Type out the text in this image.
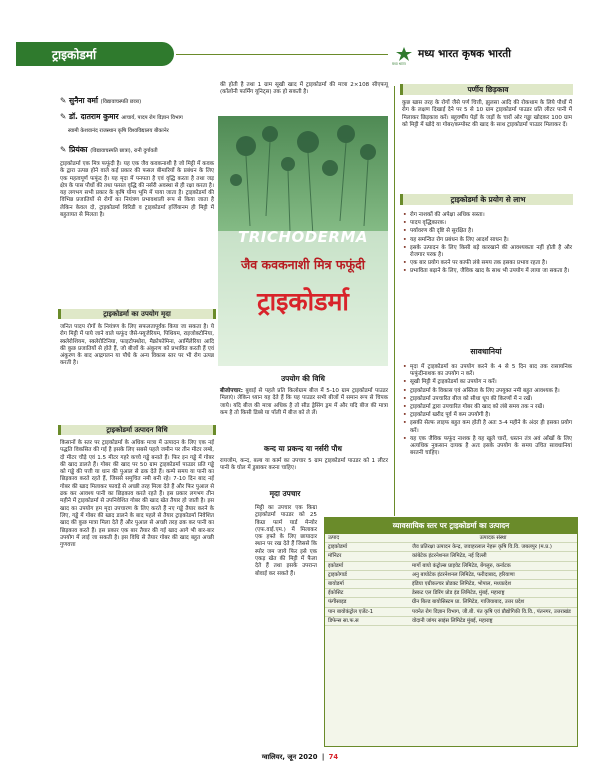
ट्राइकोडर्मा
मध्य भारत
मध्य भारत कृषक भारती
✎ सुनैना वर्मा (विद्यावाचस्पति छात्रा)
✎ डॉ. दातराम कुमार आचार्य, पादप रोग विज्ञान विभाग
स्वामी केशवानंद राजस्थान कृषि विश्वविद्यालय बीकानेर
✎ प्रियंका (विद्यावाचस्पति छात्रा), रानी दुर्गावती

ट्राइकोडर्मा एक मित्र फफूंदी है। यह एक जैव कवकनाशी है जो मिट्टी में कवक के द्वारा उत्पन्न होने वाले कई प्रकार की फसल बीमारियों के प्रबंधन के लिए एक महत्वपूर्ण फफूंद है। यह मृदा में पनपता है एवं वृद्धि करता है तथा जड़ क्षेत्र के पास पौधों की तथा फसल वृद्धि की नर्सरी अवस्था से ही रक्षा करता है। यह लगभग सभी प्रकार के कृषि योग्य भूमि में पाया जाता है। ट्राइकोडर्मा की विभिन्न प्रजातियों से रोगों का नियंत्रण प्रभावशाली रूप से किया जाता है लेकिन केवल दो, ट्राइकोडर्मा विरिडी व ट्राइकोडर्मा हर्जियानम ही मिट्टी में बहुतायत से मिलता है।

ट्राइकोडर्मा का उपयोग मृदा

जनित पादप रोगों के नियंत्रण के लिए सफलतापूर्वक किया जा सकता है। ये रोग मिट्टी में पाये जाने वाले फफूंद जैसे-फ्यूजेरियम, पिथियम, राइजोक्टोनिया, स्क्लेरोशियम, स्क्लेरोटिनिया, फाइटोफ्थोरा, मैक्रोफोमिना, आर्मिलेरिया आदि की कुछ प्रजातियों से होते हैं, जो बीजों के अंकुरण को प्रभावित करती हैं एवं अंकुरण के बाद आद्रगलन या पौधे के अन्य विकास स्तर पर भी रोग उत्पन्न करती है।

ट्राइकोडर्मा उत्पादन विधि

किसानों के स्तर पर ट्राइकोडर्मा के अधिक मात्रा में उत्पादन के लिए एक नई पद्धति विकसित की गई है इसके लिए सबसे पहले जमीन पर तीन मीटर लम्बे, दो मीटर चौड़े एवं 1.5 मीटर गहरे कच्चे गड्ढे बनाते हैं। फिर इन गड्ढे में गोबर की खाद डालते हैं। गोबर की खाद पर 50 ग्राम ट्राइकोडर्मा पाउडर प्रति गड्ढे को गड्ढे की पत्ती या धान की पुआल से ढक देते हैं। कम्पे समय या पानी का छिड़काव करते रहते हैं, जिससे समुचित नमी बनी रहे। 7-10 दिन बाद नई गोबर की खाद मिलाकर फावड़े से अच्छी तरह मिला देते हैं और फिर पुआल से ढक कर आवश्य पानी का छिड़काव करते रहते हैं। इस प्रकार लगभग तीन महीने में ट्राइकोडर्मा से उपनिवेशित गोबर की खाद खेत तैयार हो जाती है। इस खाद का उपयोग हम मृदा उपचारण के लिए करते हैं नए गड्ढे तैयार करने के लिए, गड्ढे में गोबर की खाद डालने के बाद पहले से तैयार ट्राइकोडर्मा निवेशित खाद की कुछ मात्रा मिला देते हैं और पुआल से अच्छी तरह ढक कर पानी का छिड़काव करते हैं। इस प्रकार एक बार तैयार की गई खाद आगे भी बार-बार उपयोग में लाई जा सकती है। इस विधि से तैयार गोबर की खाद बहुत अच्छी गुणवत्ता

की होती है तथा 1 ग्राम सूखी खाद में ट्राइकोडर्मा की मात्रा 2×108 सीएफयू (कॉलोनी फार्मिंग यूनिट्स) तक हो सकती है।

TRICHODERMA
जैव कवकनाशी मित्र फफूंदी
ट्राइकोडर्मा
उपयोग की विधि
बीजोपचार: बुवाई से पहले प्रति किलोग्राम बीज में 5-10 ग्राम ट्राइकोडर्मा पाउडर मिलाएं। लेकिन ध्यान यह देते हैं कि यह पाउडर सभी बीजों में समान रूप से चिपक जाये। यदि बीज की मात्रा अधिक है तो सीड ड्रेसिंग ड्रम में और यदि बीज की मात्रा कम है तो किसी डिब्बे या पॉली में बीज को ले लें।
कन्द या प्रकन्द या नर्सरी पौध

रायजोम, कन्द, बल्ब या कार्म का उपचार 5 ग्राम ट्राइकोडर्मा पाउडर को 1 लीटर पानी के घोल में डुबाकर करना चाहिए।

मृदा उपचार

मिट्टी का उपचार एक किग्रा ट्राइकोडर्मा पाउडर को 25 किग्रा फार्म यार्ड मेन्योर (एफ.वाई.एम.) में मिलाकर एक हफ्ते के लिए छायादार स्थान पर रख देते हैं जिससे कि स्पोर जम जाये फिर इसे एक एकड़ खेत की मिट्टी में फैला देते हैं तथा इसके उपरान्त बोवाई कर सकते हैं।

पर्णीय छिड़काव

कुछ खास तरह के रोगों जैसे पर्ण चित्ती, झुलसा आदि की रोकथाम के लिये पौधों में रोग के लक्षण दिखाई देने पर 5 से 10 ग्राम ट्राइकोडर्मा पाउडर प्रति लीटर पानी में मिलाकर छिड़काव करें। बहुवर्षीय पेड़ों के जड़ों के चारों ओर गड्ढा खोदकर 100 ग्राम को मिट्टी में खोदे या गोबर/कम्पोस्ट की खाद के साथ ट्राइकोडर्मा पाउडर मिलाकर दें।

ट्राइकोडर्मा के प्रयोग से लाभ
• रोग नाशकों की अपेक्षा अधिक सस्ता।
• पादप वृद्धिकारक।
• पर्यावरण की दृष्टि से सुरक्षित है।
• यह समन्वित रोग प्रबंधन के लिए आदर्श साधन है।
• इसके उत्पादन के लिए किसी बड़े कारखाने की आवश्यकता नहीं होती है और रोजगार परक है।
• एक बार प्रयोग करने पर काफी लंबे समय तक इसका प्रभाव रहता है।
• प्रभाविता बढ़ाने के लिए, जैविक खाद के साथ भी उपयोग में लाया जा सकता है।
सावधानियां
• मृदा में ट्राइकोडर्मा का उपयोग करने के 4 से 5 दिन बाद तक रासायनिक फफूंदीनाशक का उपयोग न करें।
• सूखी मिट्टी में ट्राइकोडर्मा का उपयोग न करें।
• ट्राइकोडर्मा के विकास एवं अस्तित्व के लिए उपयुक्त नमी बहुत आवश्यक है।
• ट्राइकोडर्मा उपचारित बीज को सीधा धूप की किरणों में न रखें।
• ट्राइकोडर्मा द्वारा उपचारित गोबर की खाद को लंबे समय तक न रखें।
• ट्राइकोडर्मा खरीद पूर्व में कम उपयोगी है।
• इसकी सेल्फ लाइफ बहुत कम होती है अतः 3-4 महीने के अंदर ही इसका प्रयोग करें।
• यह एक जैविक फफूंद नाशक है यह खुले चारों, धस्तन तंत्र अवं आँखों के लिए अत्यधिक नुकसान दायक है अतः इसके उपयोग के समय उचित सावधानियां बरतनी चाहिए।
व्यावसायिक स्तर पर ट्राइकोडर्मा का उत्पादन
उत्पाद	उत्पादक संस्था
ट्राइकोडर्मा	जैव प्रतिरक्षा उत्पादन केन्द्र, जवाहरलाल नेहरू कृषि वि.वि. जबलपुर (म.प्र.)
मॉनिटर	कांबेटेक इंटरनेशनल लिमिटेड, नई दिल्ली
इकोडर्मा	मार्गो बायो कंट्रोल्स प्राइवेट लिमिटेड, बेंगलुरु, कर्नाटक
ट्राइकोगार्ड	अनु बायोटेक इंटरनेशनल लिमिटेड, फरीदाबाद, हरियाणा
बायोडर्मा	इंडिया एग्रीकल्चर प्रोडक्ट लिमिटेड, भोपाल, मध्यप्रदेश
ईकोसिट	डेस्कट एल डिरिंग प्रोड इंड लिमिटेड, मुंबई, महाराष्ट्र
फंगीसाइड	ग्रीन बिल्ड बायोसिस्टम प्रा. लिमिटेड, गाजियाबाद, उत्तर प्रदेश
पान बायोकंट्रोल एजेंट-1	पवनेत रोग विज्ञान विभाग, जी.बी. पंत कृषि एवं प्रौद्योगिकी वि.वि., पंतनगर, उत्तराखंड
डिफेन्स सा.फ.स	वोदानी जांगर साइंस लिमिटेड मुंबई, महाराष्ट्र
ग्वालियर, जून 2020 | 74
